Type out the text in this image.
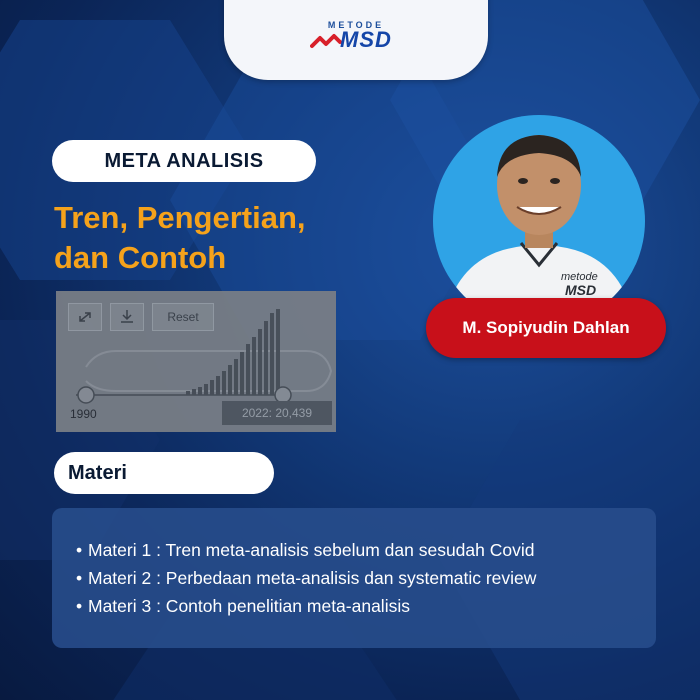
METODE
MSD
META ANALISIS
Tren, Pengertian,
dan Contoh
Reset
1990	2022: 20,439
metode
MSD
M. Sopiyudin Dahlan
Materi
• Materi 1 : Tren meta-analisis sebelum dan sesudah Covid
• Materi 2 : Perbedaan meta-analisis dan systematic review
• Materi 3 : Contoh penelitian meta-analisis
